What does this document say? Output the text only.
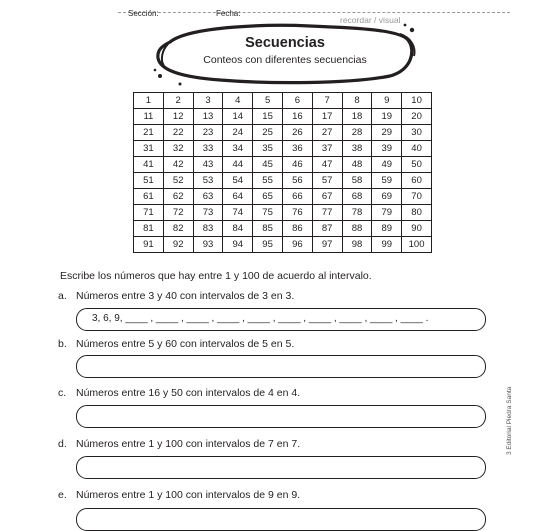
Sección:	Fecha:
recordar / visual
Secuencias
Conteos con diferentes secuencias
1	2	3	4	5	6	7	8	9	10
11	12	13	14	15	16	17	18	19	20
21	22	23	24	25	26	27	28	29	30
31	32	33	34	35	36	37	38	39	40
41	42	43	44	45	46	47	48	49	50
51	52	53	54	55	56	57	58	59	60
61	62	63	64	65	66	67	68	69	70
71	72	73	74	75	76	77	78	79	80
81	82	83	84	85	86	87	88	89	90
91	92	93	94	95	96	97	98	99	100
Escribe los números que hay entre 1 y 100 de acuerdo al intervalo.
a. Números entre 3 y 40 con intervalos de 3 en 3.
3, 6, 9, ____ , ____ , ____ , ____ , ____ , ____ , ____ , ____ , ____ , ____ .
b. Números entre 5 y 60 con intervalos de 5 en 5.
c. Números entre 16 y 50 con intervalos de 4 en 4.
d. Números entre 1 y 100 con intervalos de 7 en 7.
e. Números entre 1 y 100 con intervalos de 9 en 9.
3 Editorial Piedra Santa
